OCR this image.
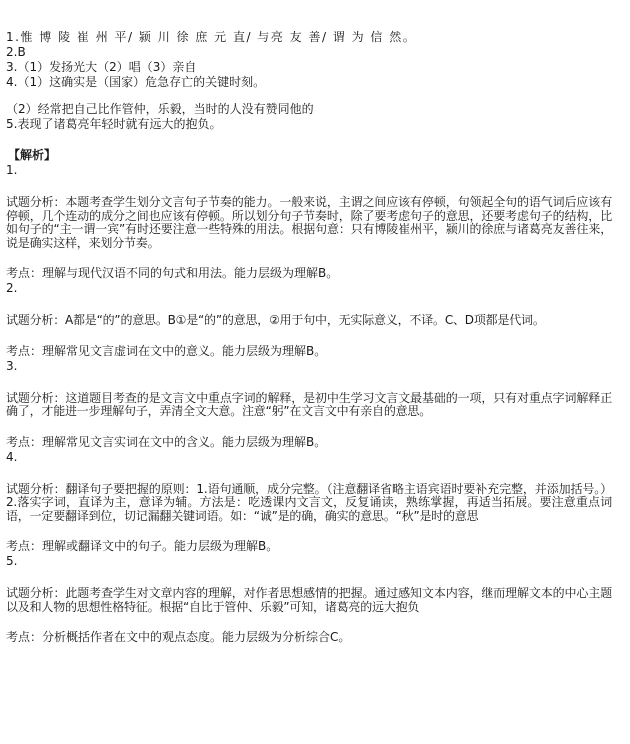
1.惟 博 陵 崔 州 平/ 颍 川 徐 庶 元 直/ 与亮 友 善/ 谓 为 信 然。
2.B
3.（1）发扬光大（2）唱（3）亲自
4.（1）这确实是（国家）危急存亡的关键时刻。
（2）经常把自己比作管仲，乐毅，当时的人没有赞同他的
5.表现了诸葛亮年轻时就有远大的抱负。
【解析】
1.
试题分析：本题考查学生划分文言句子节奏的能力。一般来说，主谓之间应该有停顿，句领起全句的语气词后应该有停顿，几个连动的成分之间也应该有停顿。所以划分句子节奏时，除了要考虑句子的意思，还要考虑句子的结构，比如句子的“主一谓一宾”有时还要注意一些特殊的用法。根据句意：只有博陵崔州平，颍川的徐庶与诸葛亮友善往来，说是确实这样，来划分节奏。
考点：理解与现代汉语不同的句式和用法。能力层级为理解B。
2.
试题分析：A都是“的”的意思。B①是“的”的意思，②用于句中，无实际意义，不译。C、D项都是代词。
考点：理解常见文言虚词在文中的意义。能力层级为理解B。
3.
试题分析：这道题目考查的是文言文中重点字词的解释，是初中生学习文言文最基础的一项，只有对重点字词解释正确了，才能进一步理解句子，弄清全文大意。注意“躬”在文言文中有亲自的意思。
考点：理解常见文言实词在文中的含义。能力层级为理解B。
4.
试题分析：翻译句子要把握的原则：1.语句通顺，成分完整。（注意翻译省略主语宾语时要补充完整，并添加括号。）2.落实字词，直译为主，意译为辅。方法是：吃透课内文言文，反复诵读，熟练掌握，再适当拓展。要注意重点词语，一定要翻译到位，切记漏翻关键词语。如：“诚”是的确，确实的意思。“秋”是时的意思
考点：理解或翻译文中的句子。能力层级为理解B。
5.
试题分析：此题考查学生对文章内容的理解，对作者思想感情的把握。通过感知文本内容，继而理解文本的中心主题以及和人物的思想性格特征。根据“自比于管仲、乐毅”可知，诸葛亮的远大抱负
考点：分析概括作者在文中的观点态度。能力层级为分析综合C。
